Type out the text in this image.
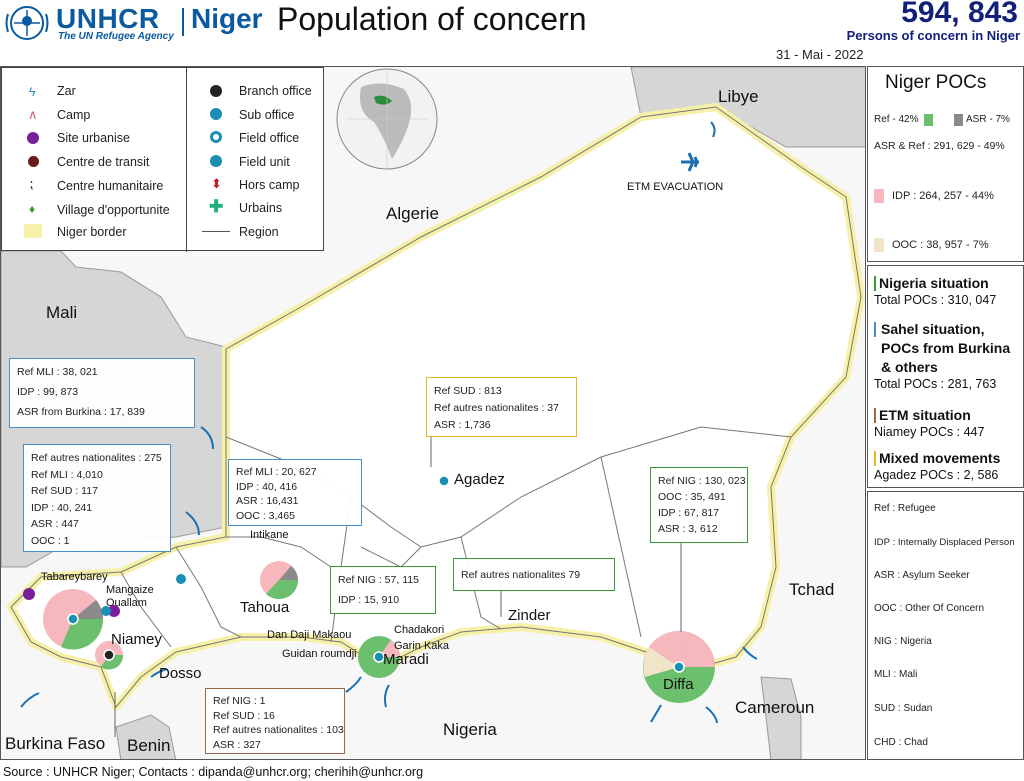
UNHCR
The UN Refugee Agency
Niger Population of concern	594, 843
Persons of concern in Niger
31 - Mai - 2022
ϟ	Zar
∧	Camp
Site urbanise
Centre de transit
⁏	Centre humanitaire
♦	Village d'opportunite
Niger border
Branch office
Sub office
Field office
Field unit
⬍ Hors camp
✚ Urbains
Region
Libye
Algerie
Mali
Tchad
Nigeria
Cameroun
Benin
Burkina Faso
Agadez
Zinder
Maradi
Diffa
Tahoua
Dosso
Niamey
ETM EVACUATION
Intikane
Tabareybarey
Mangaize
Ouallam
Dan Daji Makaou
Guidan roumdji
Chadakori
Garin Kaka
Ref MLI : 38, 021
IDP : 99, 873
ASR from Burkina : 17, 839
Ref autres nationalites : 275
Ref MLI : 4,010
Ref SUD : 117
IDP : 40, 241
ASR : 447
OOC : 1
Ref MLI : 20, 627
IDP : 40, 416
ASR : 16,431
OOC : 3,465
Ref SUD : 813
Ref autres nationalites : 37
ASR : 1,736
Ref NIG : 57, 115
IDP : 15, 910
Ref autres nationalites 79
Ref NIG : 130, 023
OOC : 35, 491
IDP : 67, 817
ASR : 3, 612
Ref NIG : 1
Ref SUD : 16
Ref autres nationalites : 103
ASR : 327
Niger POCs
Ref - 42%	ASR - 7%
ASR & Ref : 291, 629 - 49%
IDP : 264, 257 - 44%
OOC : 38, 957 - 7%
Nigeria situation
Total POCs : 310, 047
Sahel situation, POCs from Burkina & others
Total POCs : 281, 763
ETM situation
Niamey POCs : 447
Mixed movements
Agadez POCs : 2, 586
Ref : Refugee
IDP : Internally Displaced Person
ASR : Asylum Seeker
OOC : Other Of Concern
NIG : Nigeria
MLI : Mali
SUD : Sudan
CHD : Chad
Source : UNHCR Niger; Contacts : dipanda@unhcr.org; cherihih@unhcr.org
